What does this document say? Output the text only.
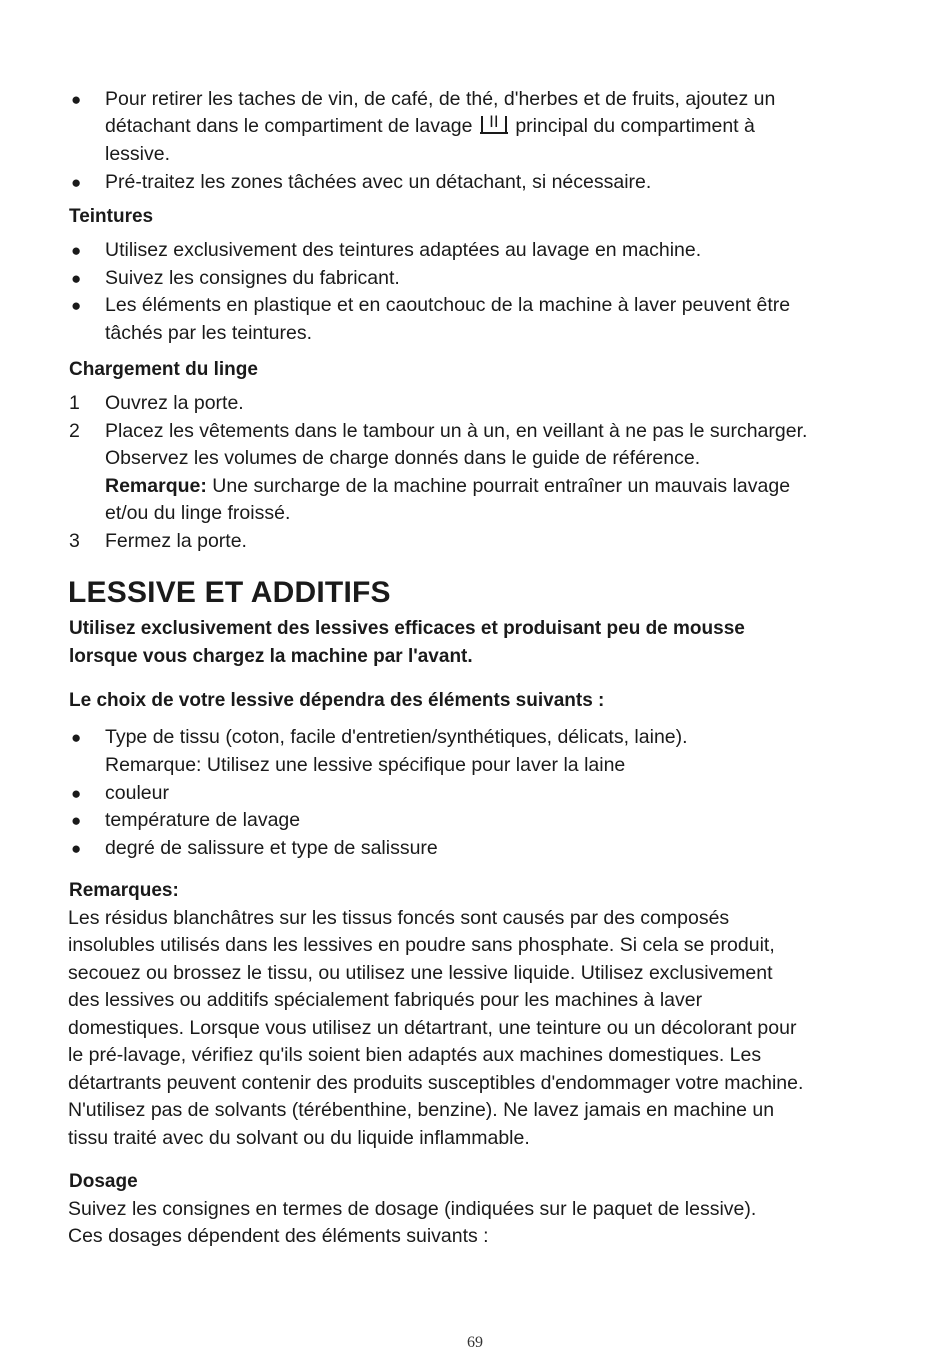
● Pour retirer les taches de vin, de café, de thé, d'herbes et de fruits, ajoutez un
détachant dans le compartiment de lavage II principal du compartiment à
lessive.
● Pré-traitez les zones tâchées avec un détachant, si nécessaire.
Teintures
● Utilisez exclusivement des teintures adaptées au lavage en machine.
● Suivez les consignes du fabricant.
● Les éléments en plastique et en caoutchouc de la machine à laver peuvent être
tâchés par les teintures.
Chargement du linge
1 Ouvrez la porte.
2 Placez les vêtements dans le tambour un à un, en veillant à ne pas le surcharger.
Observez les volumes de charge donnés dans le guide de référence.
Remarque: Une surcharge de la machine pourrait entraîner un mauvais lavage
et/ou du linge froissé.
3 Fermez la porte.
LESSIVE ET ADDITIFS
Utilisez exclusivement des lessives efficaces et produisant peu de mousse
lorsque vous chargez la machine par l'avant.
Le choix de votre lessive dépendra des éléments suivants :
● Type de tissu (coton, facile d'entretien/synthétiques, délicats, laine).
Remarque: Utilisez une lessive spécifique pour laver la laine
● couleur
● température de lavage
● degré de salissure et type de salissure
Remarques:
Les résidus blanchâtres sur les tissus foncés sont causés par des composés
insolubles utilisés dans les lessives en poudre sans phosphate. Si cela se produit,
secouez ou brossez le tissu, ou utilisez une lessive liquide. Utilisez exclusivement
des lessives ou additifs spécialement fabriqués pour les machines à laver
domestiques. Lorsque vous utilisez un détartrant, une teinture ou un décolorant pour
le pré-lavage, vérifiez qu'ils soient bien adaptés aux machines domestiques. Les
détartrants peuvent contenir des produits susceptibles d'endommager votre machine.
N'utilisez pas de solvants (térébenthine, benzine). Ne lavez jamais en machine un
tissu traité avec du solvant ou du liquide inflammable.
Dosage
Suivez les consignes en termes de dosage (indiquées sur le paquet de lessive).
Ces dosages dépendent des éléments suivants :
69
